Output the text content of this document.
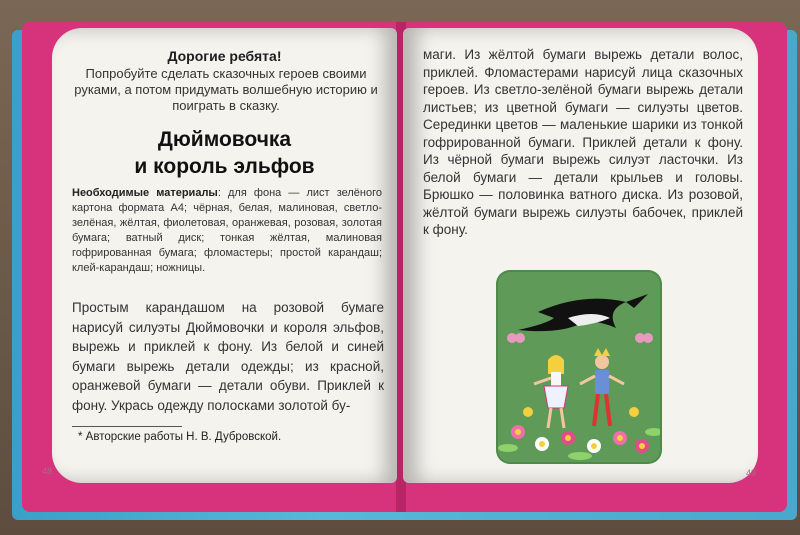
Дорогие ребята!

Попробуйте сделать сказочных героев своими руками, а потом придумать волшебную историю и поиграть в сказку.

Дюймовочка
и король эльфов

Необходимые материалы: для фона — лист зелёного картона формата А4; чёрная, белая, малиновая, светло-зелёная, жёлтая, фиолетовая, оранжевая, розовая, золотая бумага; ватный диск; тонкая жёлтая, малиновая гофрированная бумага; фломастеры; простой карандаш; клей-карандаш; ножницы.

Простым карандашом на розовой бумаге нарисуй силуэты Дюймовочки и короля эльфов, вырежь и приклей к фону. Из белой и синей бумаги вырежь детали одежды; из красной, оранжевой бумаги — детали обуви. Приклей к фону. Укрась одежду полосками золотой бу-

* Авторские работы Н. В. Дубровской.

48

маги. Из жёлтой бумаги вырежь детали волос, приклей. Фломастерами нарисуй лица сказочных героев. Из светло-зелёной бумаги вырежь детали листьев; из цветной бумаги — силуэты цветов. Серединки цветов — маленькие шарики из тонкой гофрированной бумаги. Приклей детали к фону. Из чёрной бумаги вырежь силуэт ласточки. Из белой бумаги — детали крыльев и головы. Брюшко — половинка ватного диска. Из розовой, жёлтой бумаги вырежь силуэты бабочек, приклей к фону.

49
